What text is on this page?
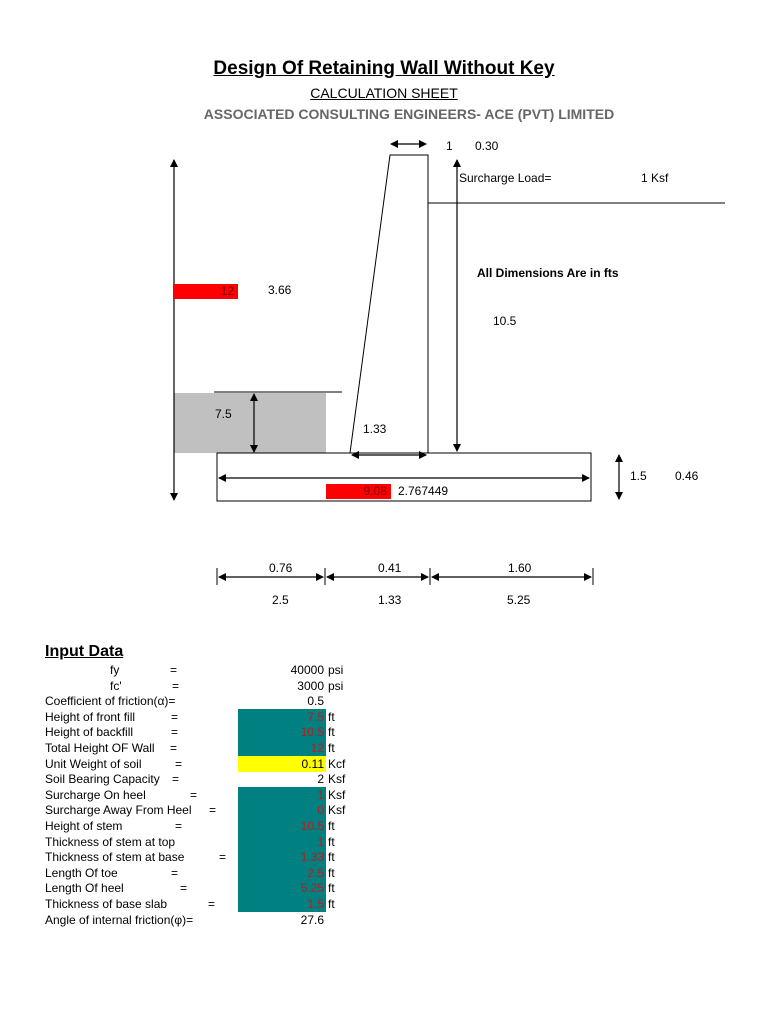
Design Of Retaining Wall Without Key
CALCULATION SHEET
ASSOCIATED CONSULTING ENGINEERS- ACE (PVT) LIMITED
1 0.30
Surcharge Load=	1 Ksf
All Dimensions Are in fts
12	3.66
10.5
7.5
1.33
1.5 0.46
9.08 2.767449
0.76	0.41	1.60
2.5	1.33	5.25
Input Data
fy	=	40000 psi
fc'	=	3000 psi
Coefficient of friction(α)=	0.5
Height of front fill	=	7.5 ft
Height of backfill	=	10.5 ft
Total Height OF Wall =	12 ft
Unit Weight of soil	=	0.11 Kcf
Soil Bearing Capacity =	2 Ksf
Surcharge On heel	=	1 Ksf
Surcharge Away From Heel =	0 Ksf
Height of stem	=	10.5 ft
Thickness of stem at top	1 ft
Thickness of stem at base	=	1.33 ft
Length Of toe	=	2.5 ft
Length Of heel	=	5.25 ft
Thickness of base slab	=	1.5 ft
Angle of internal friction(φ)=	27.6
